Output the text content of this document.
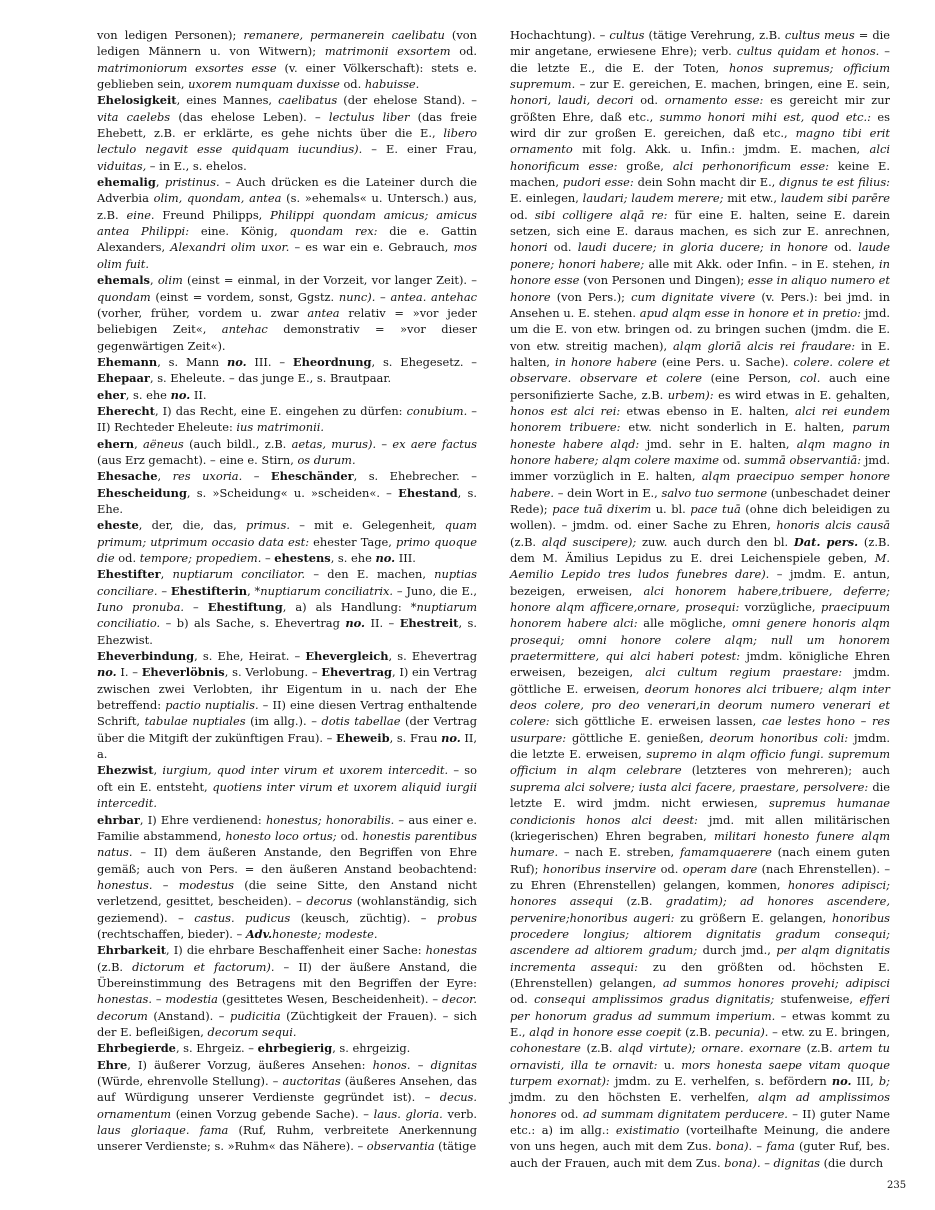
von ledigen Personen); remanere, permanerein caelibatu (von ledigen Männern u. von Witwern); matrimonii exsortem od. matrimoniorum exsortes esse (v. einer Völkerschaft): stets e. geblieben sein, uxorem numquam duxisse od. habuisse.

Ehelosigkeit, eines Mannes, caelibatus (der ehelose Stand). – vita caelebs (das ehelose Leben). – lectulus liber (das freie Ehebett, z.B. er erklärte, es gehe nichts über die E., libero lectulo negavit esse quidquam iucundius). – E. einer Frau, viduitas, – in E., s. ehelos.

ehemalig, pristinus. – Auch drücken es die Lateiner durch die Adverbia olim, quondam, antea (s. »ehemals« u. Untersch.) aus, z.B. eine. Freund Philipps, Philippi quondam amicus; amicus antea Philippi: eine. König, quondam rex: die e. Gattin Alexanders, Alexandri olim uxor. – es war ein e. Gebrauch, mos olim fuit.

ehemals, olim (einst = einmal, in der Vorzeit, vor langer Zeit). – quondam (einst = vordem, sonst, Ggstz. nunc). – antea. antehac (vorher, früher, vordem u. zwar antea relativ = »vor jeder beliebigen Zeit«, antehac demonstrativ = »vor dieser gegenwärtigen Zeit«).

Ehemann, s. Mann no. III. – Eheordnung, s. Ehegesetz. – Ehepaar, s. Eheleute. – das junge E., s. Brautpaar.

eher, s. ehe no. II.

Eherecht, I) das Recht, eine E. eingehen zu dürfen: conubium. – II) Rechteder Eheleute: ius matrimonii.

ehern, aëneus (auch bildl., z.B. aetas, murus). – ex aere factus (aus Erz gemacht). – eine e. Stirn, os durum.

Ehesache, res uxoria. – Eheschänder, s. Ehebrecher. – Ehescheidung, s. »Scheidung« u. »scheiden«. – Ehestand, s. Ehe.

eheste, der, die, das, primus. – mit e. Gelegenheit, quam primum; utprimum occasio data est: ehester Tage, primo quoque die od. tempore; propediem. – ehestens, s. ehe no. III.

Ehestifter, nuptiarum conciliator. – den E. machen, nuptias conciliare. – Ehestifterin, *nuptiarum conciliatrix. – Juno, die E., Iuno pronuba. – Ehestiftung, a) als Handlung: *nuptiarum conciliatio. – b) als Sache, s. Ehevertrag no. II. – Ehestreit, s. Ehezwist.

Eheverbindung, s. Ehe, Heirat. – Ehevergleich, s. Ehevertrag no. I. – Eheverlöbnis, s. Verlobung. – Ehevertrag, I) ein Vertrag zwischen zwei Verlobten, ihr Eigentum in u. nach der Ehe betreffend: pactio nuptialis. – II) eine diesen Vertrag enthaltende Schrift, tabulae nuptiales (im allg.). – dotis tabellae (der Vertrag über die Mitgift der zukünftigen Frau). – Eheweib, s. Frau no. II, a.

Ehezwist, iurgium, quod inter virum et uxorem intercedit. – so oft ein E. entsteht, quotiens inter virum et uxorem aliquid iurgii intercedit.

ehrbar, I) Ehre verdienend: honestus; honorabilis. – aus einer e. Familie abstammend, honesto loco ortus; od. honestis parentibus natus. – II) dem äußeren Anstande, den Begriffen von Ehre gemäß; auch von Pers. = den äußeren Anstand beobachtend: honestus. – modestus (die seine Sitte, den Anstand nicht verletzend, gesittet, bescheiden). – decorus (wohlanständig, sich geziemend). – castus. pudicus (keusch, züchtig). – probus (rechtschaffen, bieder). – Adv.honeste; modeste.

Ehrbarkeit, I) die ehrbare Beschaffenheit einer Sache: honestas (z.B. dictorum et factorum). – II) der äußere Anstand, die Übereinstimmung des Betragens mit den Begriffen der Eyre: honestas. – modestia (gesittetes Wesen, Bescheidenheit). – decor. decorum (Anstand). – pudicitia (Züchtigkeit der Frauen). – sich der E. befleißigen, decorum sequi.

Ehrbegierde, s. Ehrgeiz. – ehrbegierig, s. ehrgeizig.

Ehre, I) äußerer Vorzug, äußeres Ansehen: honos. – dignitas (Würde, ehrenvolle Stellung). – auctoritas (äußeres Ansehen, das auf Würdigung unserer Verdienste gegründet ist). – decus. ornamentum (einen Vorzug gebende Sache). – laus. gloria. verb. laus gloriaque. fama (Ruf, Ruhm, verbreitete Anerkennung unserer Verdienste; s. »Ruhm« das Nähere). – observantia (tätige

Hochachtung). – cultus (tätige Verehrung, z.B. cultus meus = die mir angetane, erwiesene Ehre); verb. cultus quidam et honos. – die letzte E., die E. der Toten, honos supremus; officium supremum. – zur E. gereichen, E. machen, bringen, eine E. sein, honori, laudi, decori od. ornamento esse: es gereicht mir zur größten Ehre, daß etc., summo honori mihi est, quod etc.: es wird dir zur großen E. gereichen, daß etc., magno tibi erit ornamento mit folg. Akk. u. Infin.: jmdm. E. machen, alci honorificum esse: große, alci perhonorificum esse: keine E. machen, pudori esse: dein Sohn macht dir E., dignus te est filius: E. einlegen, laudari; laudem merere; mit etw., laudem sibi parēre od. sibi colligere alqā re: für eine E. halten, seine E. darein setzen, sich eine E. daraus machen, es sich zur E. anrechnen, honori od. laudi ducere; in gloria ducere; in honore od. laude ponere; honori habere; alle mit Akk. oder Infin. – in E. stehen, in honore esse (von Personen und Dingen); esse in aliquo numero et honore (von Pers.); cum dignitate vivere (v. Pers.): bei jmd. in Ansehen u. E. stehen. apud alqm esse in honore et in pretio: jmd. um die E. von etw. bringen od. zu bringen suchen (jmdm. die E. von etw. streitig machen), alqm gloriā alcis rei fraudare: in E. halten, in honore habere (eine Pers. u. Sache). colere. colere et observare. observare et colere (eine Person, col. auch eine personifizierte Sache, z.B. urbem): es wird etwas in E. gehalten, honos est alci rei: etwas ebenso in E. halten, alci rei eundem honorem tribuere: etw. nicht sonderlich in E. halten, parum honeste habere alqd: jmd. sehr in E. halten, alqm magno in honore habere; alqm colere maxime od. summā observantiā: jmd. immer vorzüglich in E. halten, alqm praecipuo semper honore habere. – dein Wort in E., salvo tuo sermone (unbeschadet deiner Rede); pace tuā dixerim u. bl. pace tuā (ohne dich beleidigen zu wollen). – jmdm. od. einer Sache zu Ehren, honoris alcis causā (z.B. alqd suscipere); zuw. auch durch den bl. Dat. pers. (z.B. dem M. Ämilius Lepidus zu E. drei Leichenspiele geben, M. Aemilio Lepido tres ludos funebres dare). – jmdm. E. antun, bezeigen, erweisen, alci honorem habere,tribuere, deferre; honore alqm afficere,ornare, prosequi: vorzügliche, praecipuum honorem habere alci: alle mögliche, omni genere honoris alqm prosequi; omni honore colere alqm; null um honorem praetermittere, qui alci haberi potest: jmdm. königliche Ehren erweisen, bezeigen, alci cultum regium praestare: jmdm. göttliche E. erweisen, deorum honores alci tribuere; alqm inter deos colere, pro deo venerari,in deorum numero venerari et colere: sich göttliche E. erweisen lassen, cae lestes hono – res usurpare: göttliche E. genießen, deorum honoribus coli: jmdm. die letzte E. erweisen, supremo in alqm officio fungi. supremum officium in alqm celebrare (letzteres von mehreren); auch suprema alci solvere; iusta alci facere, praestare, persolvere: die letzte E. wird jmdm. nicht erwiesen, supremus humanae condicionis honos alci deest: jmd. mit allen militärischen (kriegerischen) Ehren begraben, militari honesto funere alqm humare. – nach E. streben, famamquaerere (nach einem guten Ruf); honoribus inservire od. operam dare (nach Ehrenstellen). – zu Ehren (Ehrenstellen) gelangen, kommen, honores adipisci; honores assequi (z.B. gradatim); ad honores ascendere, pervenire;honoribus augeri: zu größern E. gelangen, honoribus procedere longius; altiorem dignitatis gradum consequi; ascendere ad altiorem gradum; durch jmd., per alqm dignitatis incrementa assequi: zu den größten od. höchsten E. (Ehrenstellen) gelangen, ad summos honores provehi; adipisci od. consequi amplissimos gradus dignitatis; stufenweise, efferi per honorum gradus ad summum imperium. – etwas kommt zu E., alqd in honore esse coepit (z.B. pecunia). – etw. zu E. bringen, cohonestare (z.B. alqd virtute); ornare. exornare (z.B. artem tu ornavisti, illa te ornavit: u. mors honesta saepe vitam quoque turpem exornat): jmdm. zu E. verhelfen, s. befördern no. III, b; jmdm. zu den höchsten E. verhelfen, alqm ad amplissimos honores od. ad summam dignitatem perducere. – II) guter Name etc.: a) im allg.: existimatio (vorteilhafte Meinung, die andere von uns hegen, auch mit dem Zus. bona). – fama (guter Ruf, bes. auch der Frauen, auch mit dem Zus. bona). – dignitas (die durch

235
